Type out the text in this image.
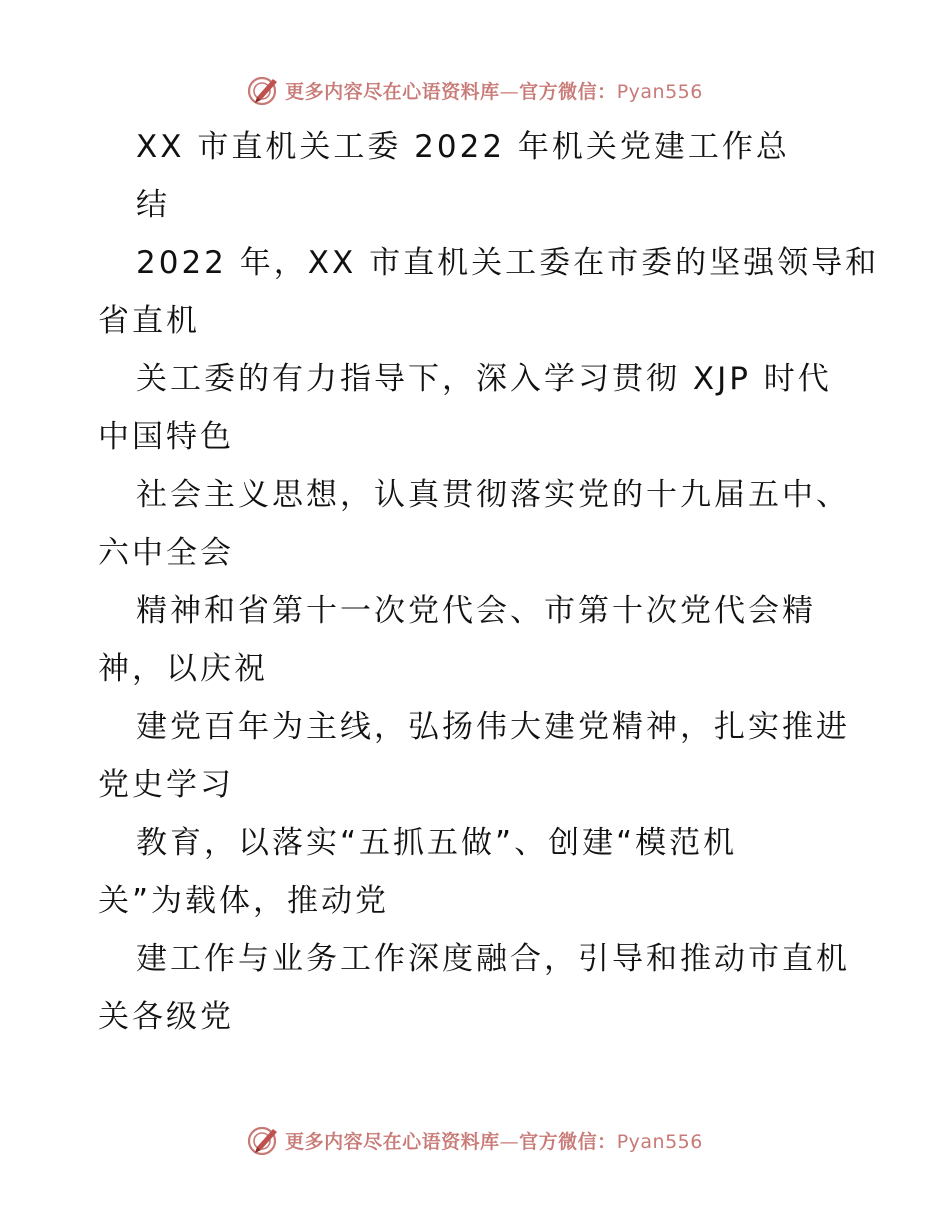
更多内容尽在心语资料库—官方微信：Pyan556
XX 市直机关工委 2022 年机关党建工作总
结
2022 年，XX 市直机关工委在市委的坚强领导和
省直机
关工委的有力指导下，深入学习贯彻 XJP 时代
中国特色
社会主义思想，认真贯彻落实党的十九届五中、
六中全会
精神和省第十一次党代会、市第十次党代会精
神，以庆祝
建党百年为主线，弘扬伟大建党精神，扎实推进
党史学习
教育，以落实“五抓五做”、创建“模范机
关”为载体，推动党
建工作与业务工作深度融合，引导和推动市直机
关各级党
更多内容尽在心语资料库—官方微信：Pyan556
